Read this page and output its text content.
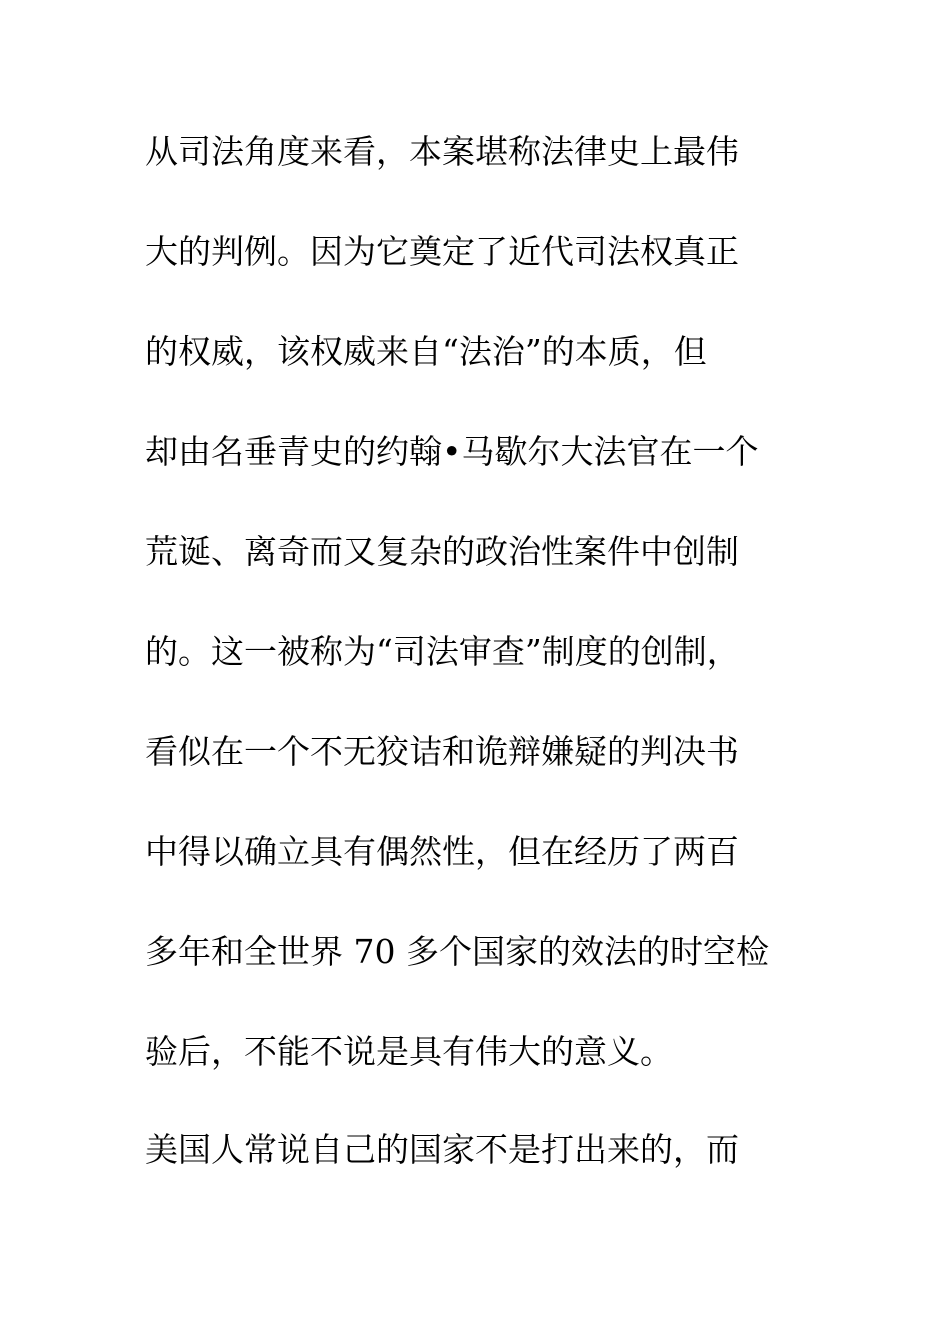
从司法角度来看，本案堪称法律史上最伟
大的判例。因为它奠定了近代司法权真正
的权威，该权威来自“法治”的本质，但
却由名垂青史的约翰•马歇尔大法官在一个
荒诞、离奇而又复杂的政治性案件中创制
的。这一被称为“司法审查”制度的创制，
看似在一个不无狡诘和诡辩嫌疑的判决书
中得以确立具有偶然性，但在经历了两百
多年和全世界 70 多个国家的效法的时空检
验后，不能不说是具有伟大的意义。
美国人常说自己的国家不是打出来的，而
